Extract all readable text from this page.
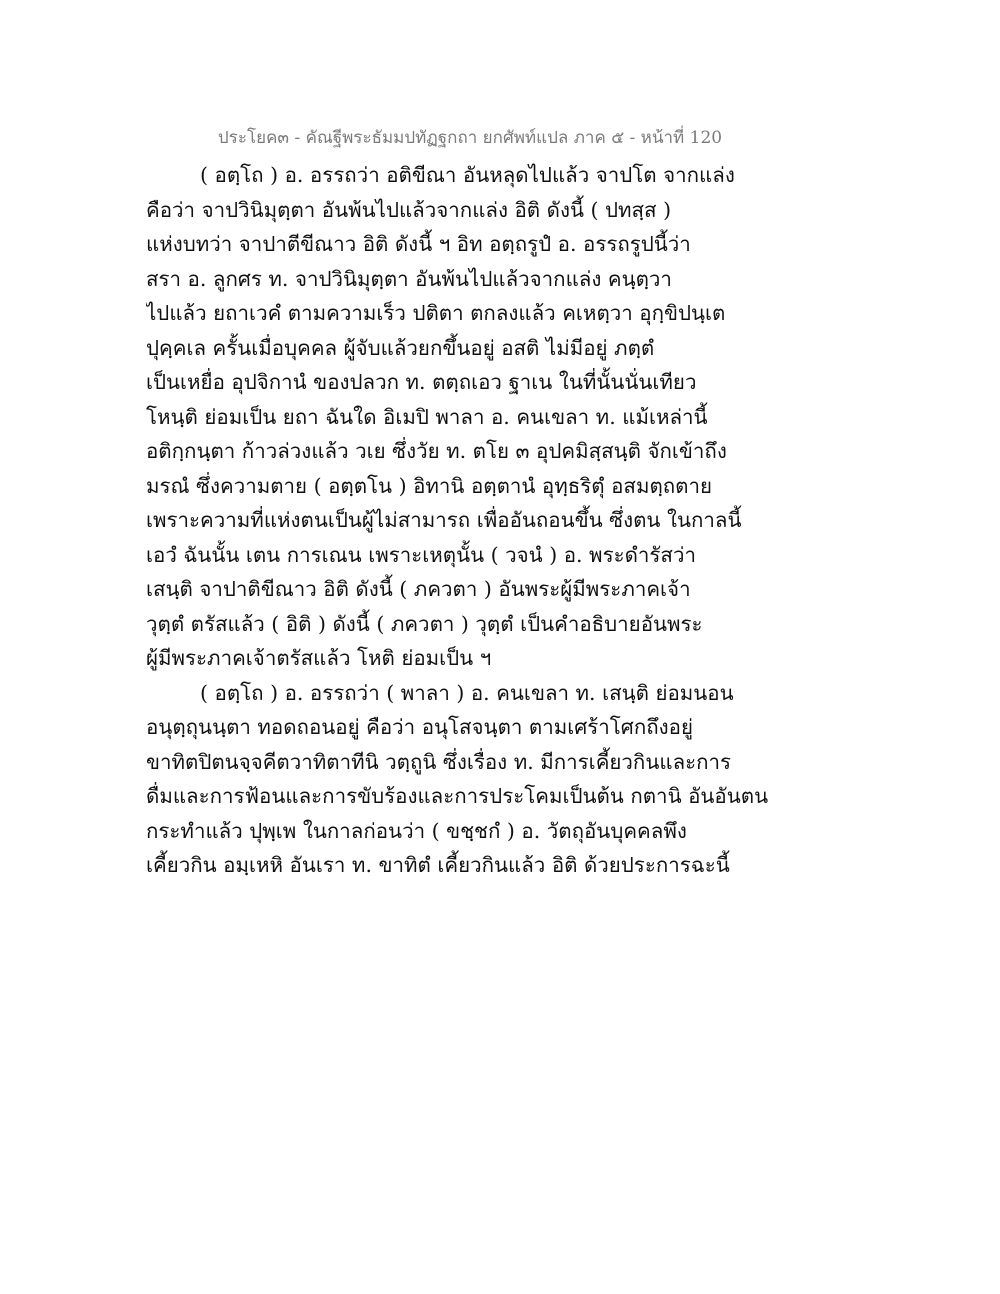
ประโยค๓ - คัณฐีพระธัมมปทัฏฐกถา ยกศัพท์แปล ภาค ๕ - หน้าที่ 120
( อตฺโถ ) อ. อรรถว่า อติขีณา อันหลุดไปแล้ว จาปโต จากแล่ง
คือว่า จาปวินิมุตฺตา อันพ้นไปแล้วจากแล่ง อิติ ดังนี้ ( ปทสฺส )
แห่งบทว่า จาปาตีขีณาว อิติ ดังนี้ ฯ อิท อตฺถรูปํ อ. อรรถรูปนี้ว่า
สรา อ. ลูกศร ท. จาปวินิมุตฺตา อันพ้นไปแล้วจากแล่ง คนฺตฺวา
ไปแล้ว ยถาเวคํ ตามความเร็ว ปติตา ตกลงแล้ว คเหตฺวา อุกฺขิปนฺเต
ปุคฺคเล ครั้นเมื่อบุคคล ผู้จับแล้วยกขึ้นอยู่ อสติ ไม่มีอยู่ ภตฺตํ
เป็นเหยื่อ อุปจิกานํ ของปลวก ท. ตตฺถเอว ฐาเน ในที่นั้นนั่นเทียว
โหนฺติ ย่อมเป็น ยถา ฉันใด อิเมปิ พาลา อ. คนเขลา ท. แม้เหล่านี้
อติกฺกนฺตา ก้าวล่วงแล้ว วเย ซึ่งวัย ท. ตโย ๓ อุปคมิสฺสนฺติ จักเข้าถึง
มรณํ ซึ่งความตาย ( อตฺตโน ) อิทานิ อตฺตานํ อุทฺธริตุํ อสมตฺถตาย
เพราะความที่แห่งตนเป็นผู้ไม่สามารถ เพื่ออันถอนขึ้น ซึ่งตน ในกาลนี้
เอวํ ฉันนั้น เตน การเณน เพราะเหตุนั้น ( วจนํ ) อ. พระดำรัสว่า
เสนฺติ จาปาติขีณาว อิติ ดังนี้ ( ภควตา ) อันพระผู้มีพระภาคเจ้า
วุตฺตํ ตรัสแล้ว ( อิติ ) ดังนี้ ( ภควตา ) วุตฺตํ เป็นคำอธิบายอันพระ
ผู้มีพระภาคเจ้าตรัสแล้ว โหติ ย่อมเป็น ฯ
( อตฺโถ ) อ. อรรถว่า ( พาลา ) อ. คนเขลา ท. เสนฺติ ย่อมนอน
อนุตฺถุนนฺตา ทอดถอนอยู่ คือว่า อนุโสจนฺตา ตามเศร้าโศกถึงอยู่
ขาทิตปิตนจฺจคีตวาทิตาทีนิ วตฺถูนิ ซึ่งเรื่อง ท. มีการเคี้ยวกินและการ
ดื่มและการฟ้อนและการขับร้องและการประโคมเป็นต้น กตานิ อันอันตน
กระทำแล้ว ปุพฺเพ ในกาลก่อนว่า ( ขชฺชกํ ) อ. วัตถุอันบุคคลพึง
เคี้ยวกิน อมฺเหหิ อันเรา ท. ขาทิตํ เคี้ยวกินแล้ว อิติ ด้วยประการฉะนี้
